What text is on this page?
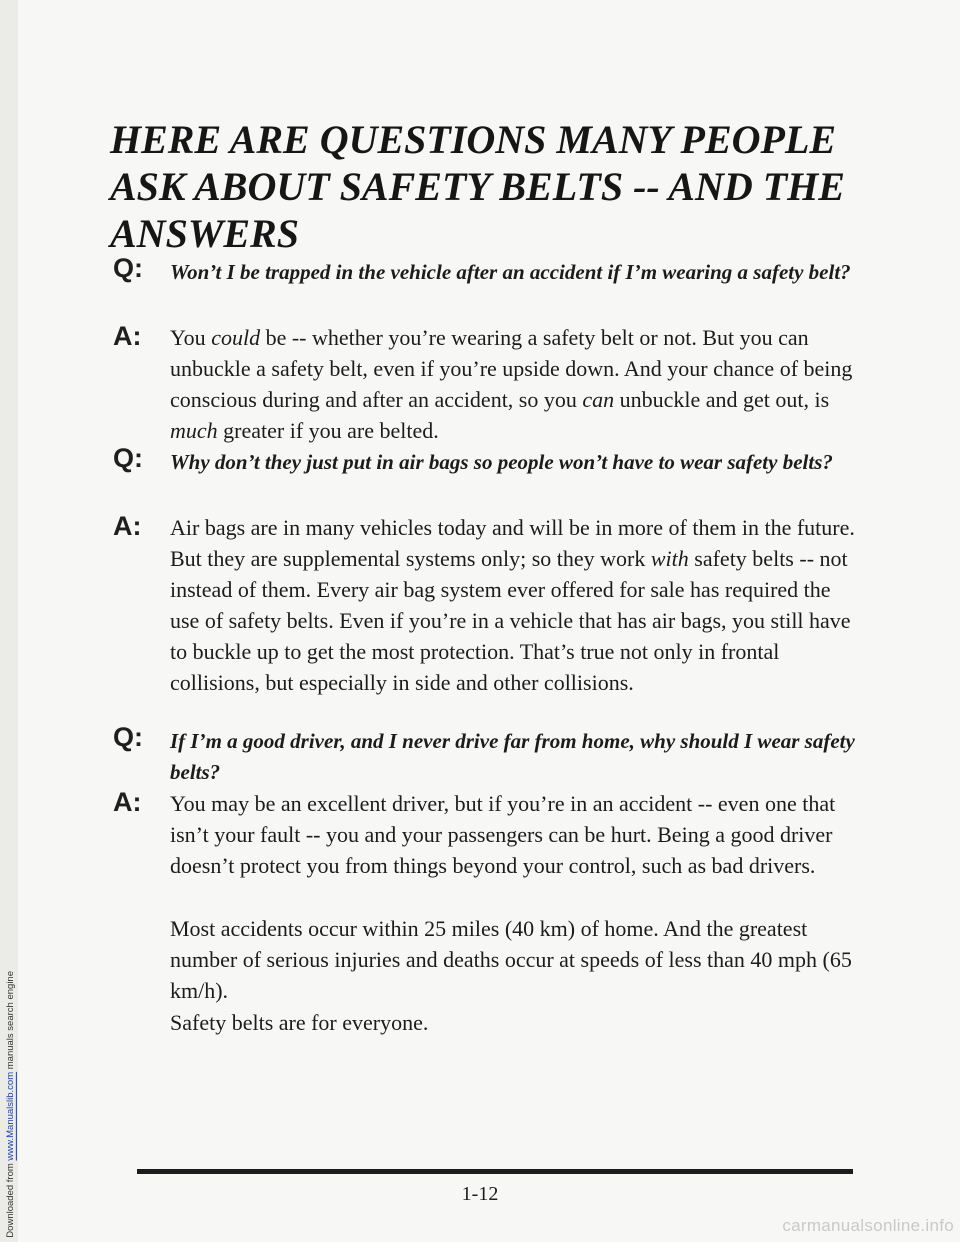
Downloaded from www.Manualslib.com manuals search engine
HERE ARE QUESTIONS MANY PEOPLE ASK ABOUT SAFETY BELTS -- AND THE ANSWERS
Q: Won’t I be trapped in the vehicle after an accident if I’m wearing a safety belt?
A: You could be -- whether you’re wearing a safety belt or not. But you can unbuckle a safety belt, even if you’re upside down. And your chance of being conscious during and after an accident, so you can unbuckle and get out, is much greater if you are belted.
Q: Why don’t they just put in air bags so people won’t have to wear safety belts?
A: Air bags are in many vehicles today and will be in more of them in the future. But they are supplemental systems only; so they work with safety belts -- not instead of them. Every air bag system ever offered for sale has required the use of safety belts. Even if you’re in a vehicle that has air bags, you still have to buckle up to get the most protection. That’s true not only in frontal collisions, but especially in side and other collisions.
Q: If I’m a good driver, and I never drive far from home, why should I wear safety belts?
A: You may be an excellent driver, but if you’re in an accident -- even one that isn’t your fault -- you and your passengers can be hurt. Being a good driver doesn’t protect you from things beyond your control, such as bad drivers.
Most accidents occur within 25 miles (40 km) of home. And the greatest number of serious injuries and deaths occur at speeds of less than 40 mph (65 km/h).
Safety belts are for everyone.
1-12
carmanualsonline.info
